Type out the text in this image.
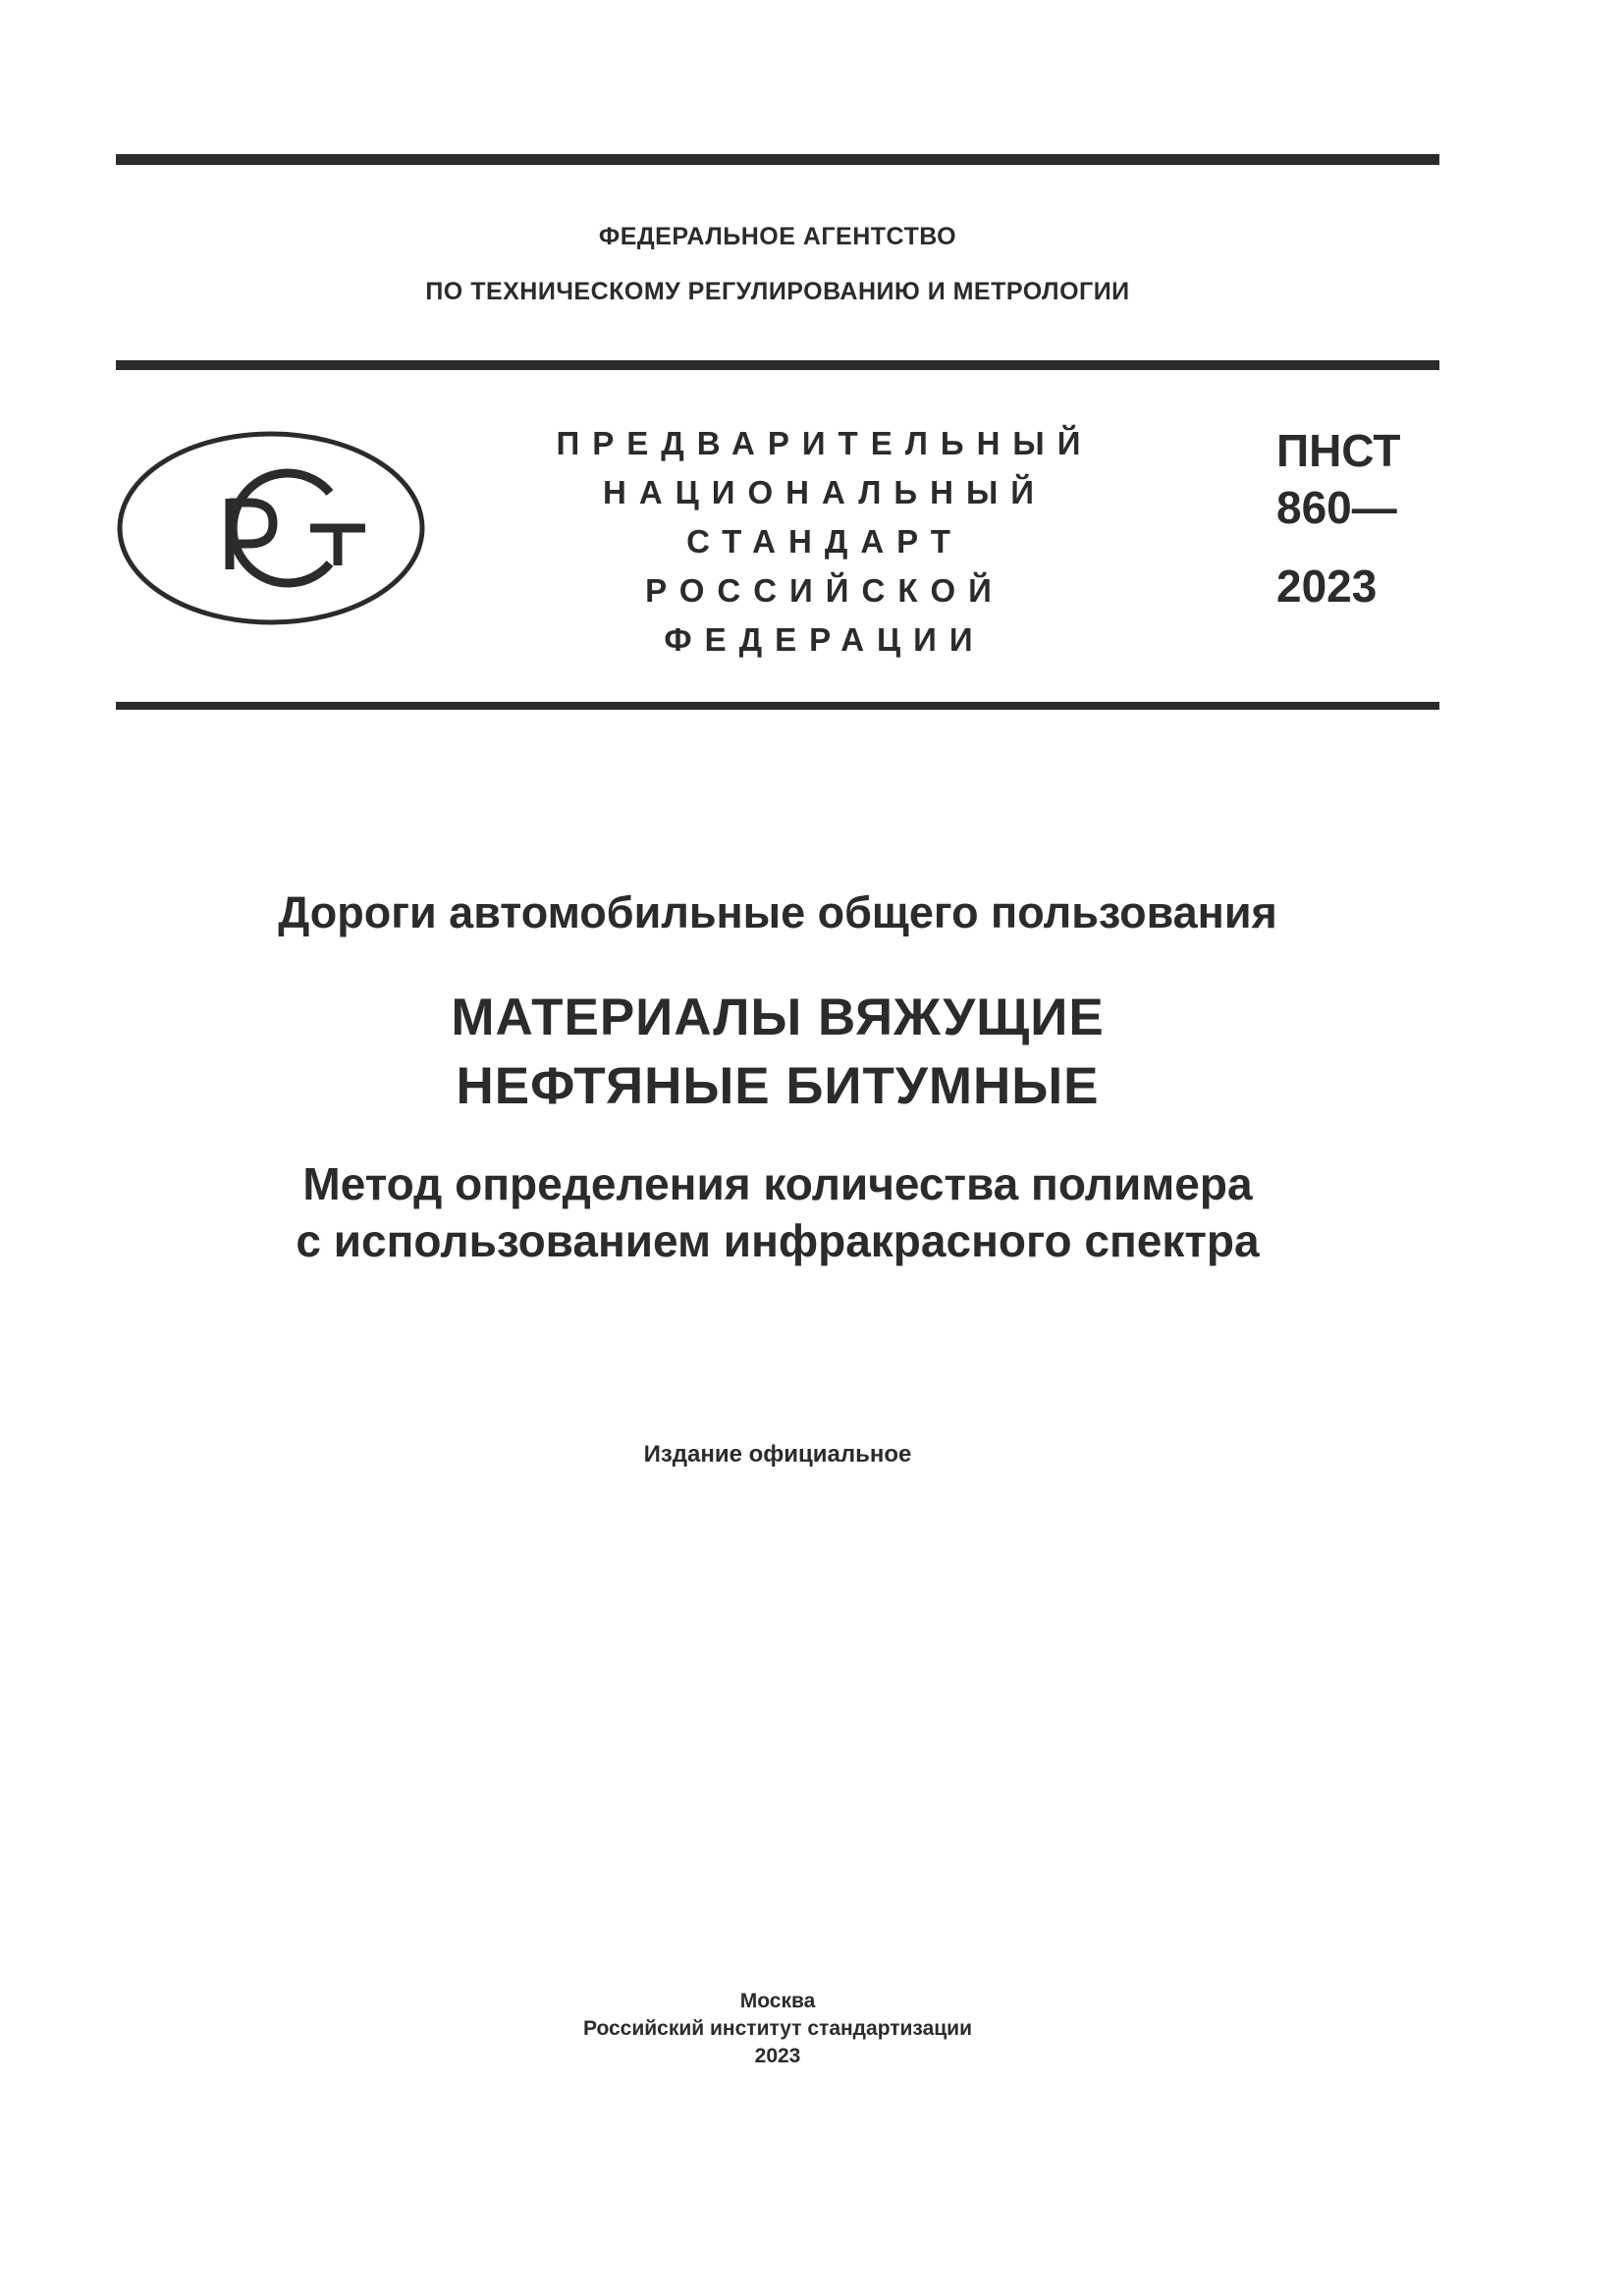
ФЕДЕРАЛЬНОЕ АГЕНТСТВО
ПО ТЕХНИЧЕСКОМУ РЕГУЛИРОВАНИЮ И МЕТРОЛОГИИ
ПРЕДВАРИТЕЛЬНЫЙ
НАЦИОНАЛЬНЫЙ
СТАНДАРТ
РОССИЙСКОЙ
ФЕДЕРАЦИИ
ПНСТ
860—
2023
Дороги автомобильные общего пользования
МАТЕРИАЛЫ ВЯЖУЩИЕ
НЕФТЯНЫЕ БИТУМНЫЕ
Метод определения количества полимера
с использованием инфракрасного спектра
Издание официальное
Москва
Российский институт стандартизации
2023
